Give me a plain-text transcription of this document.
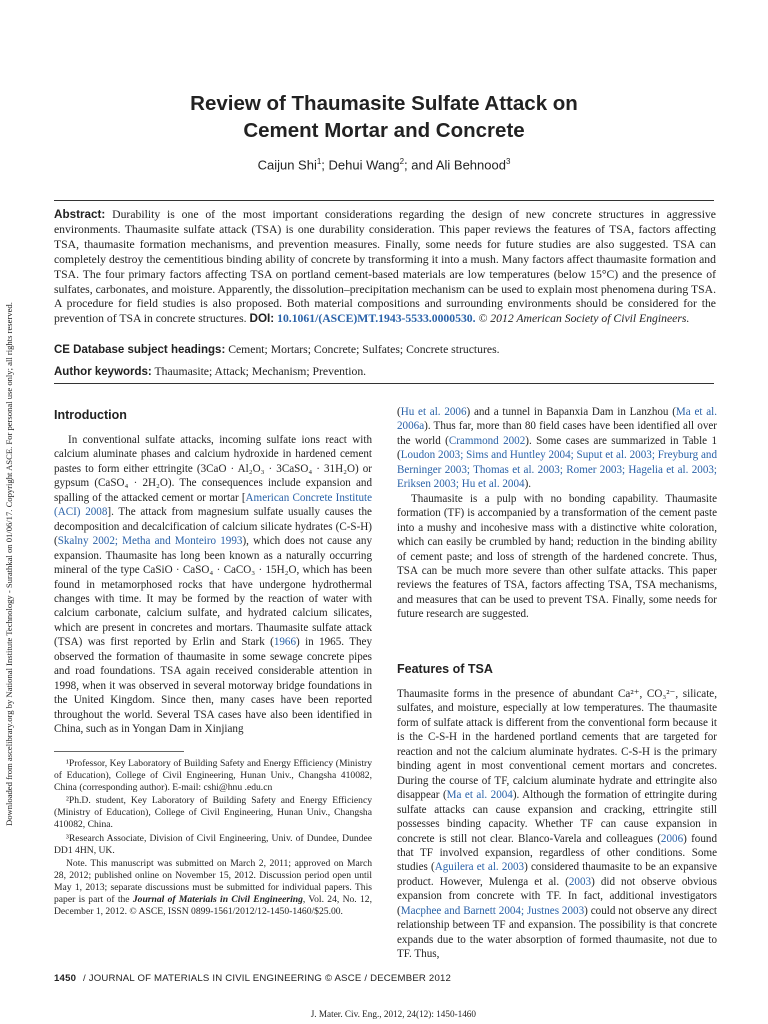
Downloaded from ascelibrary.org by National Institute Technology - Surathkal on 01/06/17. Copyright ASCE. For personal use only; all rights reserved.
Review of Thaumasite Sulfate Attack on
Cement Mortar and Concrete
Caijun Shi$^1$; Dehui Wang$^2$; and Ali Behnood$^3$
Abstract: Durability is one of the most important considerations regarding the design of new concrete structures in aggressive environments. Thaumasite sulfate attack (TSA) is one durability consideration. This paper reviews the features of TSA, factors affecting TSA, thaumasite formation mechanisms, and prevention measures. Finally, some needs for future studies are also suggested. TSA can completely destroy the cementitious binding ability of concrete by transforming it into a mush. Many factors affect thaumasite formation and TSA. The four primary factors affecting TSA on portland cement-based materials are low temperatures (below 15°C) and the presence of sulfates, carbonates, and moisture. Apparently, the dissolution–precipitation mechanism can be used to explain most phenomena during TSA. A procedure for field studies is also proposed. Both material compositions and surrounding environments should be considered for the prevention of TSA in concrete structures. DOI: 10.1061/(ASCE)MT.1943-5533.0000530. © 2012 American Society of Civil Engineers.
CE Database subject headings: Cement; Mortars; Concrete; Sulfates; Concrete structures.
Author keywords: Thaumasite; Attack; Mechanism; Prevention.
Introduction

In conventional sulfate attacks, incoming sulfate ions react with calcium aluminate phases and calcium hydroxide in hardened cement pastes to form either ettringite (3CaO · Al₂O₃ · 3CaSO₄ · 31H₂O) or gypsum (CaSO₄ · 2H₂O). The consequences include expansion and spalling of the attacked cement or mortar [American Concrete Institute (ACI) 2008]. The attack from magnesium sulfate usually causes the decomposition and decalcification of calcium silicate hydrates (C-S-H) (Skalny 2002; Metha and Monteiro 1993), which does not cause any expansion. Thaumasite has long been known as a naturally occurring mineral of the type CaSiO · CaSO₄ · CaCO₃ · 15H₂O, which has been found in metamorphosed rocks that have undergone hydrothermal changes with time. It may be formed by the reaction of water with calcium carbonate, calcium sulfate, and hydrated calcium silicates, which are present in concretes and mortars. Thaumasite sulfate attack (TSA) was first reported by Erlin and Stark (1966) in 1965. They observed the formation of thaumasite in some sewage concrete pipes and road foundations. TSA again received considerable attention in 1998, when it was observed in several motorway bridge foundations in the United Kingdom. Since then, many cases have been reported throughout the world. Several TSA cases have also been identified in China, such as in Yongan Dam in Xinjiang

¹Professor, Key Laboratory of Building Safety and Energy Efficiency (Ministry of Education), College of Civil Engineering, Hunan Univ., Changsha 410082, China (corresponding author). E-mail: cshi@hnu .edu.cn

²Ph.D. student, Key Laboratory of Building Safety and Energy Efficiency (Ministry of Education), College of Civil Engineering, Hunan Univ., Changsha 410082, China.

³Research Associate, Division of Civil Engineering, Univ. of Dundee, Dundee DD1 4HN, UK.

Note. This manuscript was submitted on March 2, 2011; approved on March 28, 2012; published online on November 15, 2012. Discussion period open until May 1, 2013; separate discussions must be submitted for individual papers. This paper is part of the Journal of Materials in Civil Engineering, Vol. 24, No. 12, December 1, 2012. © ASCE, ISSN 0899-1561/2012/12-1450-1460/$25.00.

(Hu et al. 2006) and a tunnel in Bapanxia Dam in Lanzhou (Ma et al. 2006a). Thus far, more than 80 field cases have been identified all over the world (Crammond 2002). Some cases are summarized in Table 1 (Loudon 2003; Sims and Huntley 2004; Suput et al. 2003; Freyburg and Berninger 2003; Thomas et al. 2003; Romer 2003; Hagelia et al. 2003; Eriksen 2003; Hu et al. 2004).

Thaumasite is a pulp with no bonding capability. Thaumasite formation (TF) is accompanied by a transformation of the cement paste into a mushy and incohesive mass with a distinctive white coloration, which can easily be crumbled by hand; reduction in the binding ability of cement paste; and loss of strength of the hardened concrete. Thus, TSA can be much more severe than other sulfate attacks. This paper reviews the features of TSA, factors affecting TSA, TSA mechanisms, and measures that can be used to prevent TSA. Finally, some needs for future research are suggested.

Features of TSA

Thaumasite forms in the presence of abundant Ca²⁺, CO₃²⁻, silicate, sulfates, and moisture, especially at low temperatures. The thaumasite form of sulfate attack is different from the conventional form because it is the C-S-H in the hardened portland cements that are targeted for reaction and not the calcium aluminate hydrates. C-S-H is the primary binding agent in most conventional cement mortars and concretes. During the course of TF, calcium aluminate hydrate and ettringite also disappear (Ma et al. 2004). Although the formation of ettringite during sulfate attacks can cause expansion and cracking, ettringite still possesses binding capacity. Whether TF can cause expansion in concrete is still not clear. Blanco-Varela and colleagues (2006) found that TF involved expansion, regardless of other conditions. Some studies (Aguilera et al. 2003) considered thaumasite to be an expansive product. However, Mulenga et al. (2003) did not observe obvious expansion from concrete with TF. In fact, additional investigators (Macphee and Barnett 2004; Justnes 2003) could not observe any direct relationship between TF and expansion. The possibility is that concrete expands due to the water absorption of formed thaumasite, not due to TF. Thus,

1450 / JOURNAL OF MATERIALS IN CIVIL ENGINEERING © ASCE / DECEMBER 2012
J. Mater. Civ. Eng., 2012, 24(12): 1450-1460
